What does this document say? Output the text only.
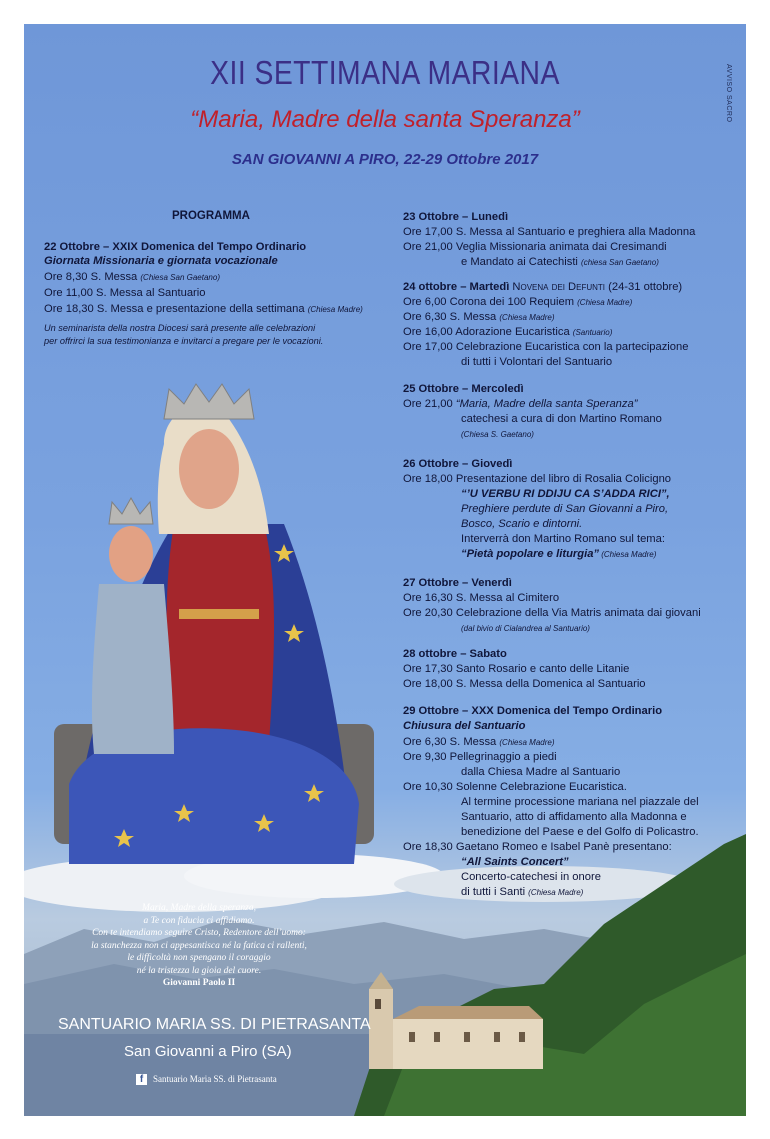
AVVISO SACRO
XII SETTIMANA MARIANA
“Maria, Madre della santa Speranza”
SAN GIOVANNI A PIRO, 22-29 Ottobre 2017
PROGRAMMA
22 Ottobre – XXIX Domenica del Tempo Ordinario
Giornata Missionaria e giornata vocazionale
Ore 8,30 S. Messa (Chiesa San Gaetano)
Ore 11,00 S. Messa al Santuario
Ore 18,30 S. Messa e presentazione della settimana (Chiesa Madre)
Un seminarista della nostra Diocesi sarà presente alle celebrazioni
per offrirci la sua testimonianza e invitarci a pregare per le vocazioni.
23 Ottobre – Lunedì
Ore 17,00 S. Messa al Santuario e preghiera alla Madonna
Ore 21,00 Veglia Missionaria animata dai Cresimandi
e Mandato ai Catechisti (chiesa San Gaetano)
24 ottobre – Martedì Novena dei Defunti (24-31 ottobre)
Ore 6,00 Corona dei 100 Requiem (Chiesa Madre)
Ore 6,30 S. Messa (Chiesa Madre)
Ore 16,00 Adorazione Eucaristica (Santuario)
Ore 17,00 Celebrazione Eucaristica con la partecipazione
di tutti i Volontari del Santuario
25 Ottobre – Mercoledì
Ore 21,00 “Maria, Madre della santa Speranza”
catechesi a cura di don Martino Romano
(Chiesa S. Gaetano)
26 Ottobre – Giovedì
Ore 18,00 Presentazione del libro di Rosalia Colicigno
“’U VERBU RI DDIJU CA S’ADDA RICI”,
Preghiere perdute di San Giovanni a Piro,
Bosco, Scario e dintorni.
Interverrà don Martino Romano sul tema:
“Pietà popolare e liturgia” (Chiesa Madre)
27 Ottobre – Venerdì
Ore 16,30 S. Messa al Cimitero
Ore 20,30 Celebrazione della Via Matris animata dai giovani
(dal bivio di Cialandrea al Santuario)
28 ottobre – Sabato
Ore 17,30 Santo Rosario e canto delle Litanie
Ore 18,00 S. Messa della Domenica al Santuario
29 Ottobre – XXX Domenica del Tempo Ordinario
Chiusura del Santuario
Ore 6,30 S. Messa (Chiesa Madre)
Ore 9,30 Pellegrinaggio a piedi
dalla Chiesa Madre al Santuario
Ore 10,30 Solenne Celebrazione Eucaristica.
Al termine processione mariana nel piazzale del
Santuario, atto di affidamento alla Madonna e
benedizione del Paese e del Golfo di Policastro.
Ore 18,30 Gaetano Romeo e Isabel Panè presentano:
“All Saints Concert”
Concerto-catechesi in onore
di tutti i Santi (Chiesa Madre)
Maria, Madre della speranza,
a Te con fiducia ci affidiamo.
Con te intendiamo seguire Cristo, Redentore dell’uomo:
la stanchezza non ci appesantisca né la fatica ci rallenti,
le difficoltà non spengano il coraggio
né la tristezza la gioia del cuore.
Giovanni Paolo II
SANTUARIO MARIA SS. DI PIETRASANTA
San Giovanni a Piro (SA)
f Santuario Maria SS. di Pietrasanta
